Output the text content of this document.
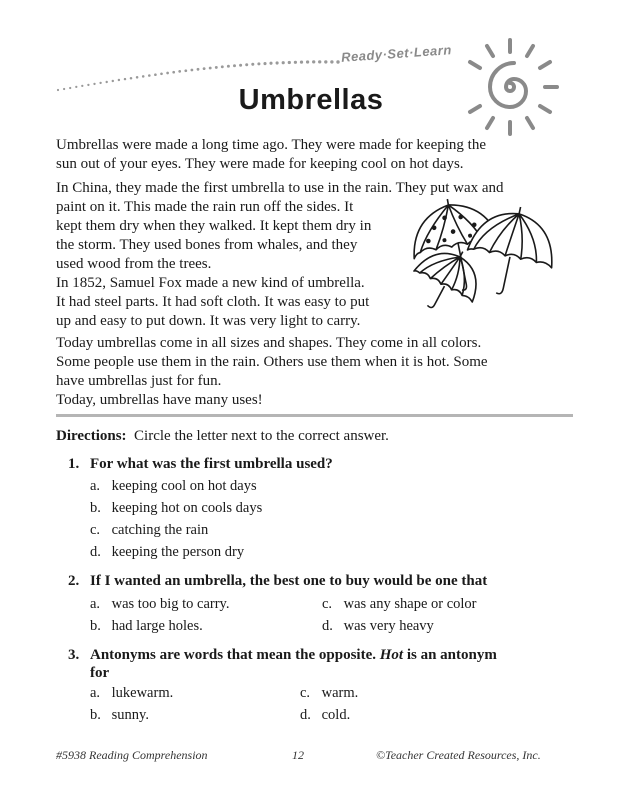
Ready·Set·Learn
Umbrellas
Umbrellas were made a long time ago. They were made for keeping the
sun out of your eyes. They were made for keeping cool on hot days.
In China, they made the first umbrella to use in the rain. They put wax and
paint on it. This made the rain run off the sides. It
kept them dry when they walked. It kept them dry in
the storm. They used bones from whales, and they
used wood from the trees.
In 1852, Samuel Fox made a new kind of umbrella.
It had steel parts. It had soft cloth. It was easy to put
up and easy to put down. It was very light to carry.
Today umbrellas come in all sizes and shapes. They come in all colors.
Some people use them in the rain. Others use them when it is hot. Some
have umbrellas just for fun.
Today, umbrellas have many uses!
Directions: Circle the letter next to the correct answer.
1. For what was the first umbrella used?
a. keeping cool on hot days
b. keeping hot on cools days
c. catching the rain
d. keeping the person dry
2. If I wanted an umbrella, the best one to buy would be one that
a. was too big to carry.	c. was any shape or color
b. had large holes.	d. was very heavy
3. Antonyms are words that mean the opposite. Hot is an antonym
for
a. lukewarm.	c. warm.
b. sunny.	d. cold.
#5938 Reading Comprehension	12	©Teacher Created Resources, Inc.
